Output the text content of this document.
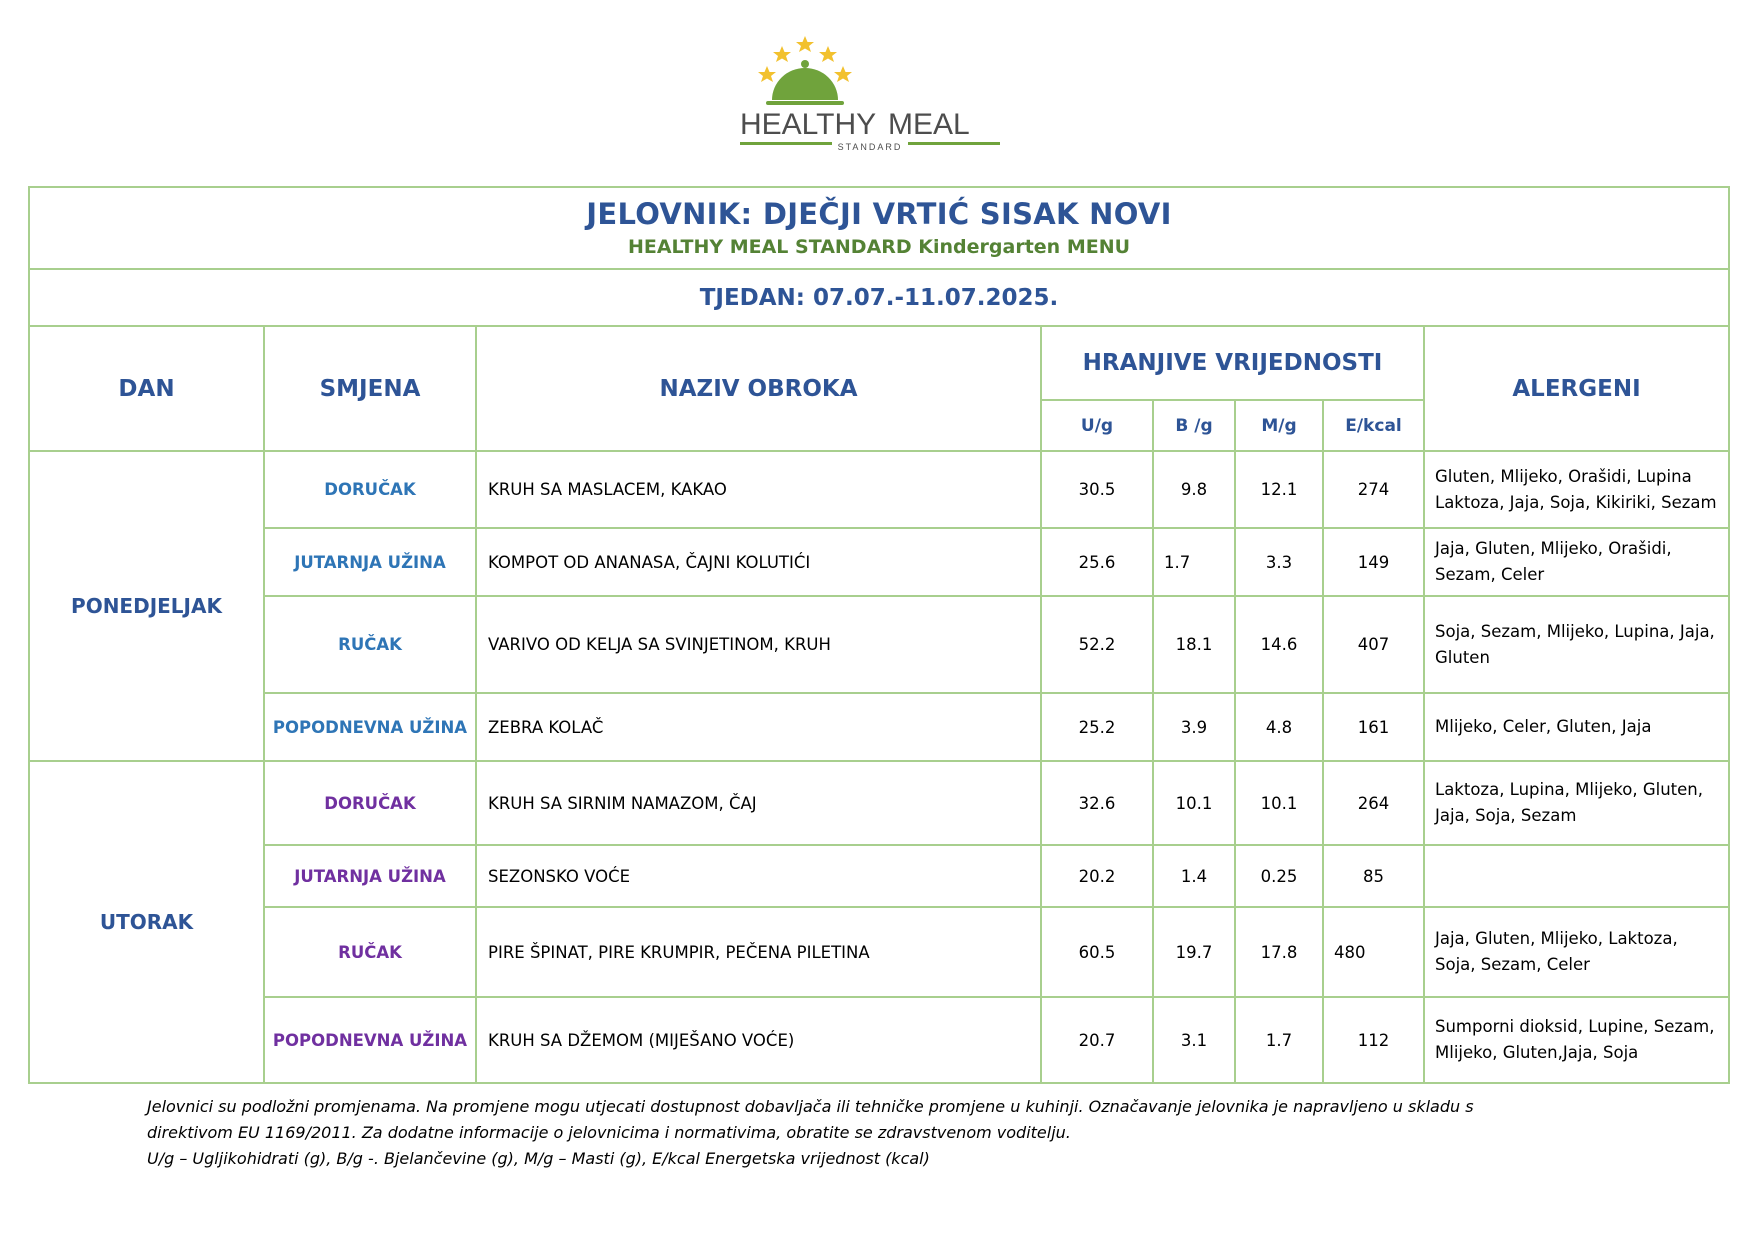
HEALTHY MEAL
STANDARD
JELOVNIK: DJEČJI VRTIĆ SISAK NOVI
HEALTHY MEAL STANDARD Kindergarten MENU							

TJEDAN: 07.07.-11.07.2025.							
DAN	SMJENA	NAZIV OBROKA	HRANJIVE VRIJEDNOSTI				ALERGENI
			U/g	B /g	M/g	E/kcal	
PONEDJELJAK	DORUČAK	KRUH SA MASLACEM, KAKAO	30.5	9.8	12.1	274	Gluten, Mlijeko, Orašidi, Lupina Laktoza, Jaja, Soja, Kikiriki, Sezam
	JUTARNJA UŽINA	KOMPOT OD ANANASA, ČAJNI KOLUTIĆI	25.6	1.7	3.3	149	Jaja, Gluten, Mlijeko, Orašidi, Sezam, Celer
	RUČAK	VARIVO OD KELJA SA SVINJETINOM, KRUH	52.2	18.1	14.6	407	Soja, Sezam, Mlijeko, Lupina, Jaja, Gluten
	POPODNEVNA UŽINA	ZEBRA KOLAČ	25.2	3.9	4.8	161	Mlijeko, Celer, Gluten, Jaja
UTORAK	DORUČAK	KRUH SA SIRNIM NAMAZOM, ČAJ	32.6	10.1	10.1	264	Laktoza, Lupina, Mlijeko, Gluten, Jaja, Soja, Sezam
	JUTARNJA UŽINA	SEZONSKO VOĆE	20.2	1.4	0.25	85	
	RUČAK	PIRE ŠPINAT, PIRE KRUMPIR, PEČENA PILETINA	60.5	19.7	17.8	480	Jaja, Gluten, Mlijeko, Laktoza, Soja, Sezam, Celer
	POPODNEVNA UŽINA	KRUH SA DŽEMOM (MIJEŠANO VOĆE)	20.7	3.1	1.7	112	Sumporni dioksid, Lupine, Sezam, Mlijeko, Gluten,Jaja, Soja
Jelovnici su podložni promjenama. Na promjene mogu utjecati dostupnost dobavljača ili tehničke promjene u kuhinji. Označavanje jelovnika je napravljeno u skladu s
direktivom EU 1169/2011. Za dodatne informacije o jelovnicima i normativima, obratite se zdravstvenom voditelju.
U/g – Ugljikohidrati (g), B/g -. Bjelančevine (g), M/g – Masti (g), E/kcal Energetska vrijednost (kcal)
